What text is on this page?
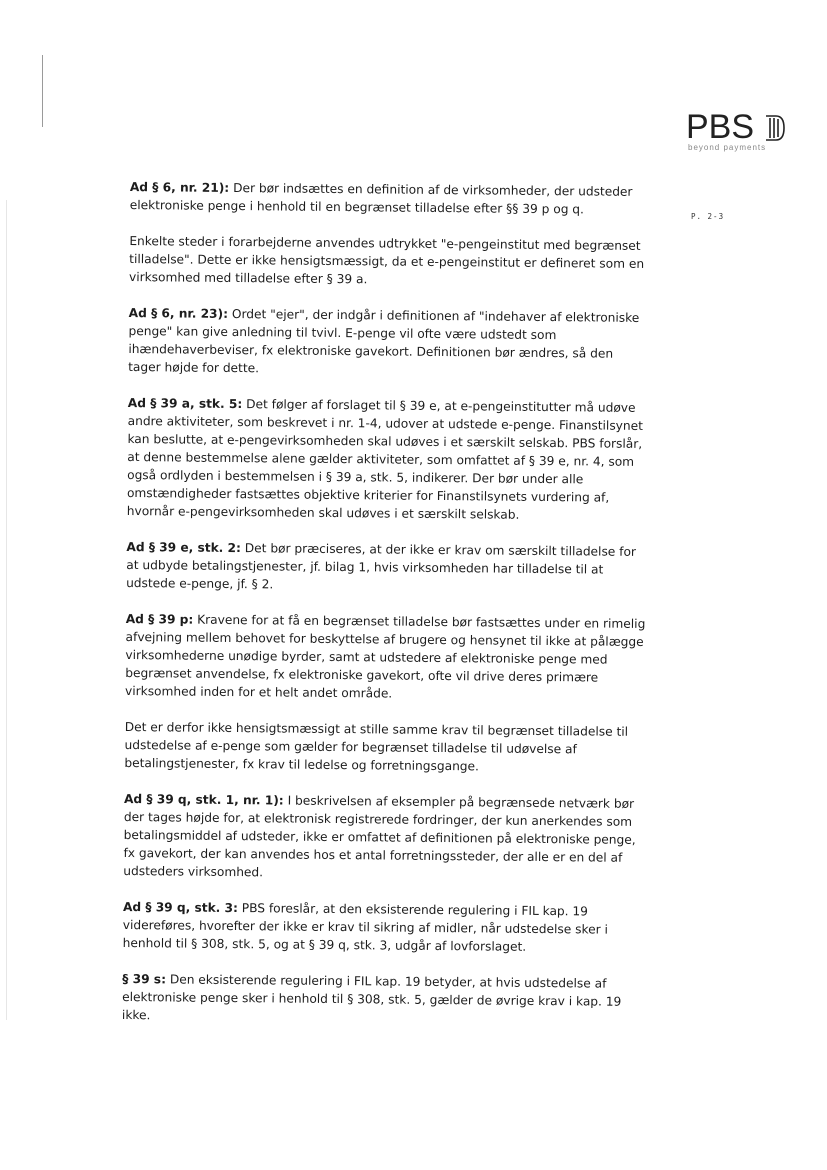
PBS
beyond payments
P. 2-3

Ad § 6, nr. 21): Der bør indsættes en definition af de virksomheder, der udsteder elektroniske penge i henhold til en begrænset tilladelse efter §§ 39 p og q.

Enkelte steder i forarbejderne anvendes udtrykket "e-pengeinstitut med begrænset tilladelse". Dette er ikke hensigtsmæssigt, da et e-pengeinstitut er defineret som en virksomhed med tilladelse efter § 39 a.

Ad § 6, nr. 23): Ordet "ejer", der indgår i definitionen af "indehaver af elektroniske penge" kan give anledning til tvivl. E-penge vil ofte være udstedt som ihændehaverbeviser, fx elektroniske gavekort. Definitionen bør ændres, så den tager højde for dette.

Ad § 39 a, stk. 5: Det følger af forslaget til § 39 e, at e-pengeinstitutter må udøve andre aktiviteter, som beskrevet i nr. 1-4, udover at udstede e-penge. Finanstilsynet kan beslutte, at e-pengevirksomheden skal udøves i et særskilt selskab. PBS forslår, at denne bestemmelse alene gælder aktiviteter, som omfattet af § 39 e, nr. 4, som også ordlyden i bestemmelsen i § 39 a, stk. 5, indikerer. Der bør under alle omstændigheder fastsættes objektive kriterier for Finanstilsynets vurdering af, hvornår e-pengevirksomheden skal udøves i et særskilt selskab.

Ad § 39 e, stk. 2: Det bør præciseres, at der ikke er krav om særskilt tilladelse for at udbyde betalingstjenester, jf. bilag 1, hvis virksomheden har tilladelse til at udstede e-penge, jf. § 2.

Ad § 39 p: Kravene for at få en begrænset tilladelse bør fastsættes under en rimelig afvejning mellem behovet for beskyttelse af brugere og hensynet til ikke at pålægge virksomhederne unødige byrder, samt at udstedere af elektroniske penge med begrænset anvendelse, fx elektroniske gavekort, ofte vil drive deres primære virksomhed inden for et helt andet område.

Det er derfor ikke hensigtsmæssigt at stille samme krav til begrænset tilladelse til udstedelse af e-penge som gælder for begrænset tilladelse til udøvelse af betalingstjenester, fx krav til ledelse og forretningsgange.

Ad § 39 q, stk. 1, nr. 1): I beskrivelsen af eksempler på begrænsede netværk bør der tages højde for, at elektronisk registrerede fordringer, der kun anerkendes som betalingsmiddel af udsteder, ikke er omfattet af definitionen på elektroniske penge, fx gavekort, der kan anvendes hos et antal forretningssteder, der alle er en del af udsteders virksomhed.

Ad § 39 q, stk. 3: PBS foreslår, at den eksisterende regulering i FIL kap. 19 videreføres, hvorefter der ikke er krav til sikring af midler, når udstedelse sker i henhold til § 308, stk. 5, og at § 39 q, stk. 3, udgår af lovforslaget.

§ 39 s: Den eksisterende regulering i FIL kap. 19 betyder, at hvis udstedelse af elektroniske penge sker i henhold til § 308, stk. 5, gælder de øvrige krav i kap. 19 ikke.
